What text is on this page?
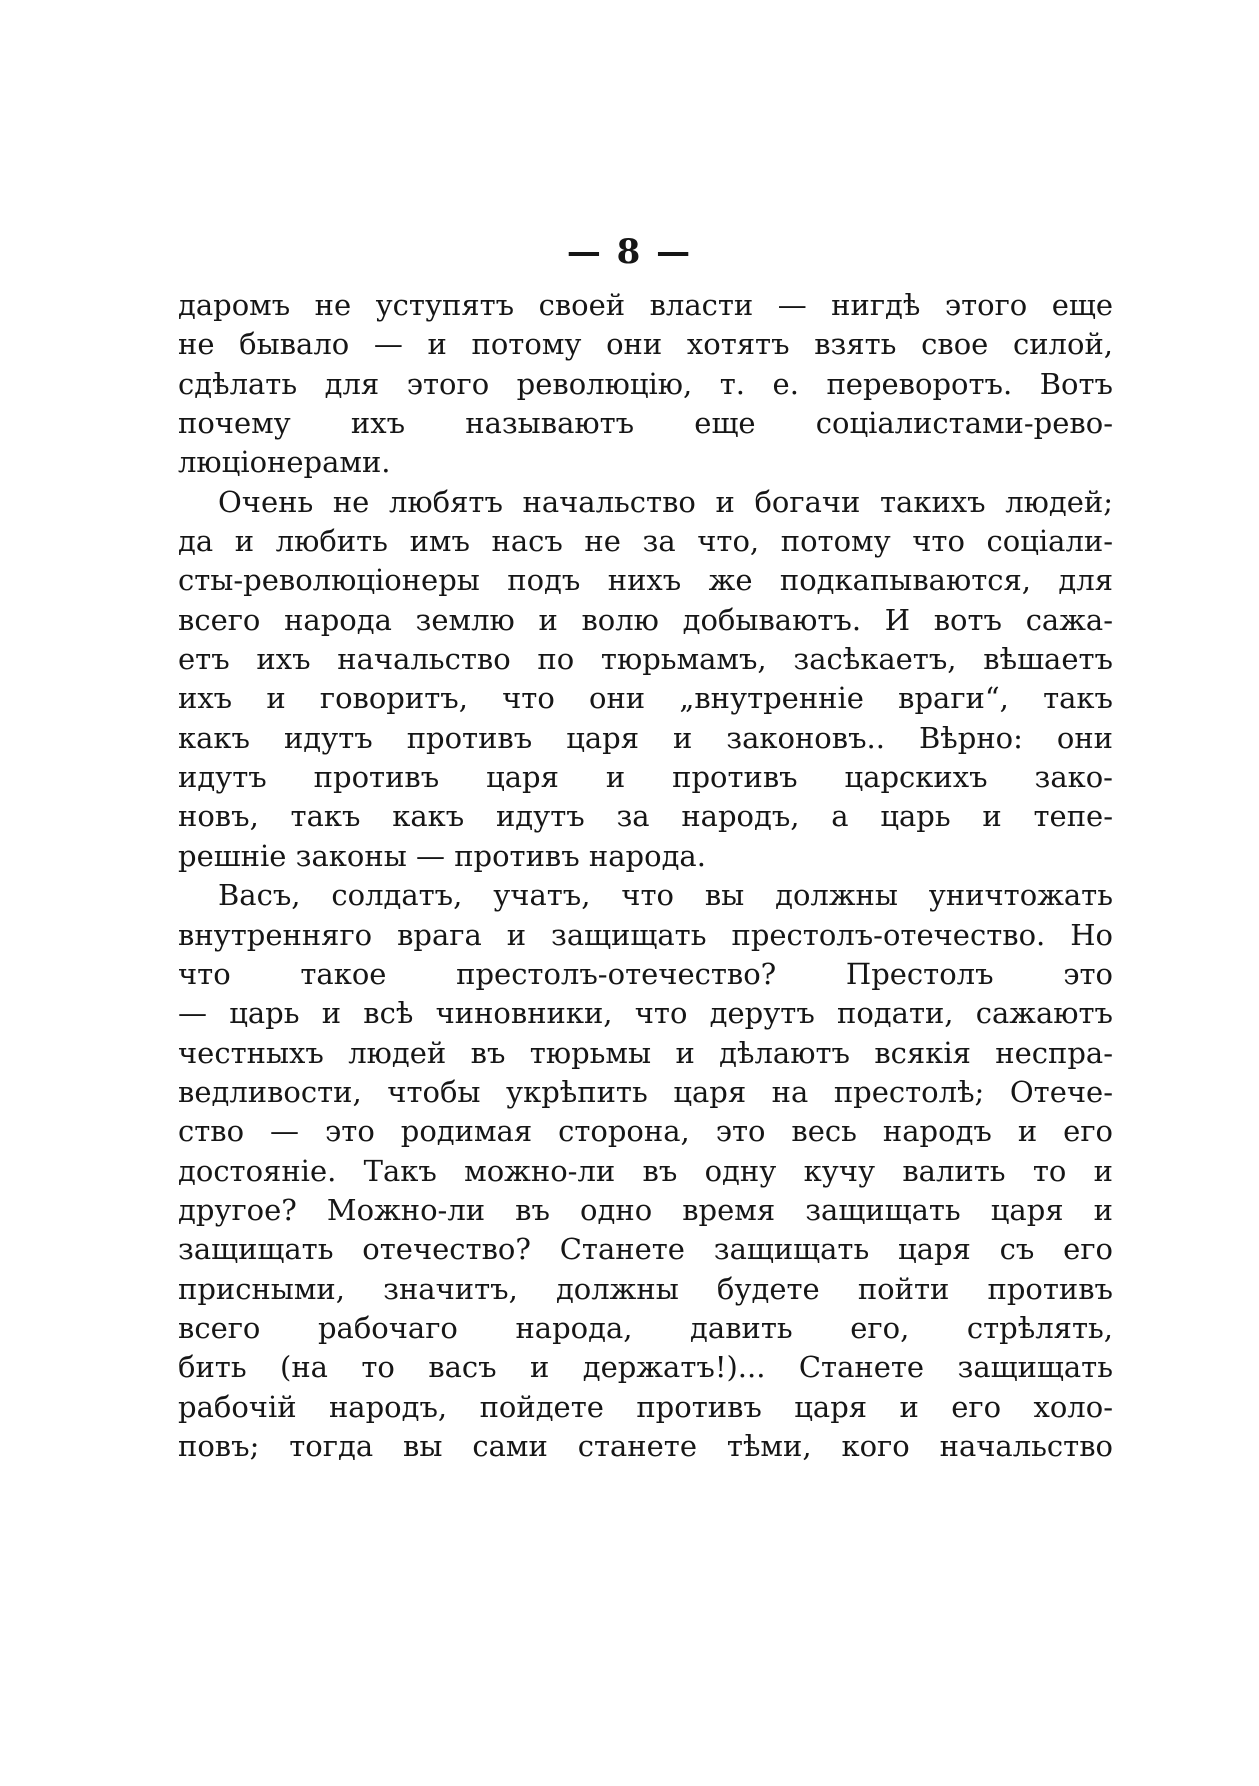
— 8 —
даромъ не уступятъ своей власти — нигдѣ этого еще
не бывало — и потому они хотятъ взять свое силой,
сдѣлать для этого революцію, т. е. переворотъ. Вотъ
почему ихъ называютъ еще соціалистами-рево-
люціонерами.
Очень не любятъ начальство и богачи такихъ людей;
да и любить имъ насъ не за что, потому что соціали-
сты-революціонеры подъ нихъ же подкапываются, для
всего народа землю и волю добываютъ. И вотъ сажа-
етъ ихъ начальство по тюрьмамъ, засѣкаетъ, вѣшаетъ
ихъ и говоритъ, что они „внутренніе враги“, такъ
какъ идутъ противъ царя и законовъ.. Вѣрно: они
идутъ противъ царя и противъ царскихъ зако-
новъ, такъ какъ идутъ за народъ, а царь и тепе-
решніе законы — противъ народа.
Васъ, солдатъ, учатъ, что вы должны уничтожать
внутренняго врага и защищать престолъ-отечество. Но
что такое престолъ-отечество? Престолъ это
— царь и всѣ чиновники, что дерутъ подати, сажаютъ
честныхъ людей въ тюрьмы и дѣлаютъ всякія неспра-
ведливости, чтобы укрѣпить царя на престолѣ; Отече-
ство — это родимая сторона, это весь народъ и его
достояніе. Такъ можно-ли въ одну кучу валить то и
другое? Можно-ли въ одно время защищать царя и
защищать отечество? Станете защищать царя съ его
присными, значитъ, должны будете пойти противъ
всего рабочаго народа, давить его, стрѣлять,
бить (на то васъ и держатъ!)... Станете защищать
рабочій народъ, пойдете противъ царя и его холо-
повъ; тогда вы сами станете тѣми, кого начальство
